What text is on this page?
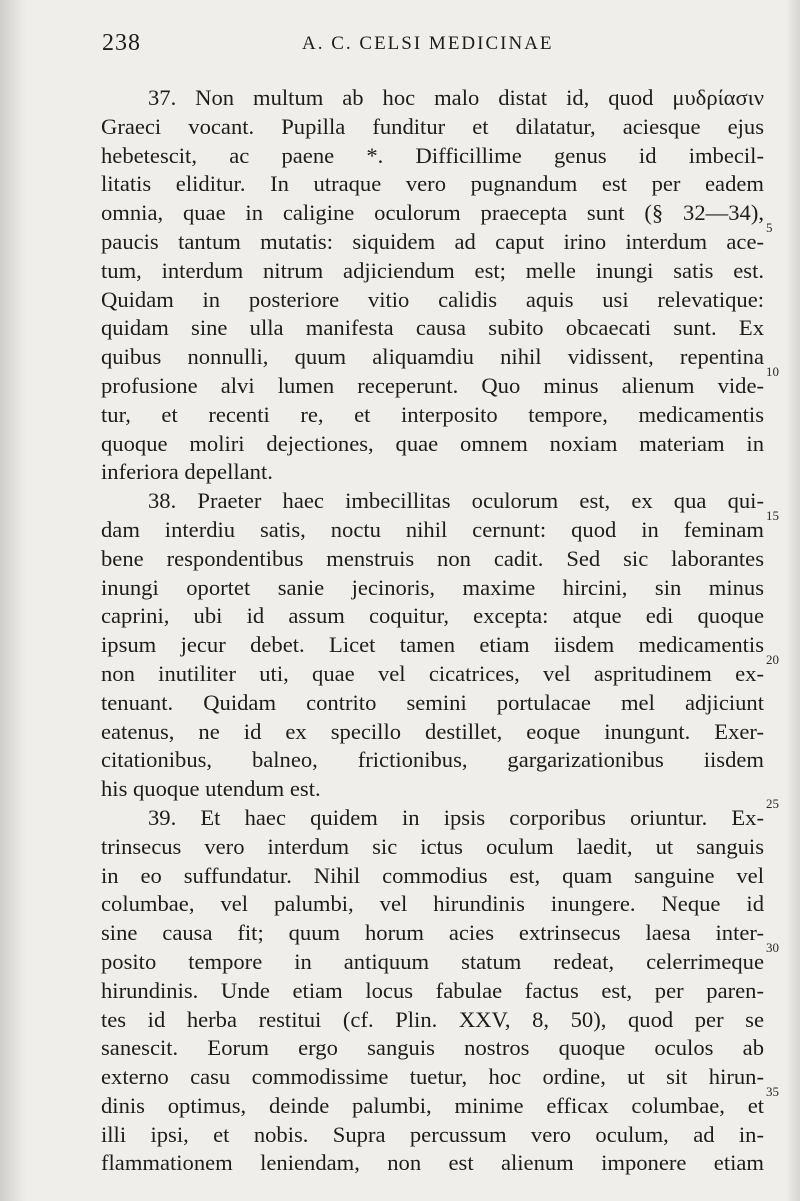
238	A. C. CELSI MEDICINAE
37. Non multum ab hoc malo distat id, quod μυδρίασιν
Graeci vocant. Pupilla funditur et dilatatur, aciesque ejus
hebetescit, ac paene *. Difficillime genus id imbecil-
litatis eliditur. In utraque vero pugnandum est per eadem
omnia, quae in caligine oculorum praecepta sunt (§ 32—34),
paucis tantum mutatis: siquidem ad caput irino interdum ace-
tum, interdum nitrum adjiciendum est; melle inungi satis est.
Quidam in posteriore vitio calidis aquis usi relevatique:
quidam sine ulla manifesta causa subito obcaecati sunt. Ex
quibus nonnulli, quum aliquamdiu nihil vidissent, repentina
profusione alvi lumen receperunt. Quo minus alienum vide-
tur, et recenti re, et interposito tempore, medicamentis
quoque moliri dejectiones, quae omnem noxiam materiam in
inferiora depellant.
38. Praeter haec imbecillitas oculorum est, ex qua qui-
dam interdiu satis, noctu nihil cernunt: quod in feminam
bene respondentibus menstruis non cadit. Sed sic laborantes
inungi oportet sanie jecinoris, maxime hircini, sin minus
caprini, ubi id assum coquitur, excepta: atque edi quoque
ipsum jecur debet. Licet tamen etiam iisdem medicamentis
non inutiliter uti, quae vel cicatrices, vel aspritudinem ex-
tenuant. Quidam contrito semini portulacae mel adjiciunt
eatenus, ne id ex specillo destillet, eoque inungunt. Exer-
citationibus, balneo, frictionibus, gargarizationibus iisdem
his quoque utendum est.
39. Et haec quidem in ipsis corporibus oriuntur. Ex-
trinsecus vero interdum sic ictus oculum laedit, ut sanguis
in eo suffundatur. Nihil commodius est, quam sanguine vel
columbae, vel palumbi, vel hirundinis inungere. Neque id
sine causa fit; quum horum acies extrinsecus laesa inter-
posito tempore in antiquum statum redeat, celerrimeque
hirundinis. Unde etiam locus fabulae factus est, per paren-
tes id herba restitui (cf. Plin. XXV, 8, 50), quod per se
sanescit. Eorum ergo sanguis nostros quoque oculos ab
externo casu commodissime tuetur, hoc ordine, ut sit hirun-
dinis optimus, deinde palumbi, minime efficax columbae, et
illi ipsi, et nobis. Supra percussum vero oculum, ad in-
flammationem leniendam, non est alienum imponere etiam
5
10
15
20
25
30
35
